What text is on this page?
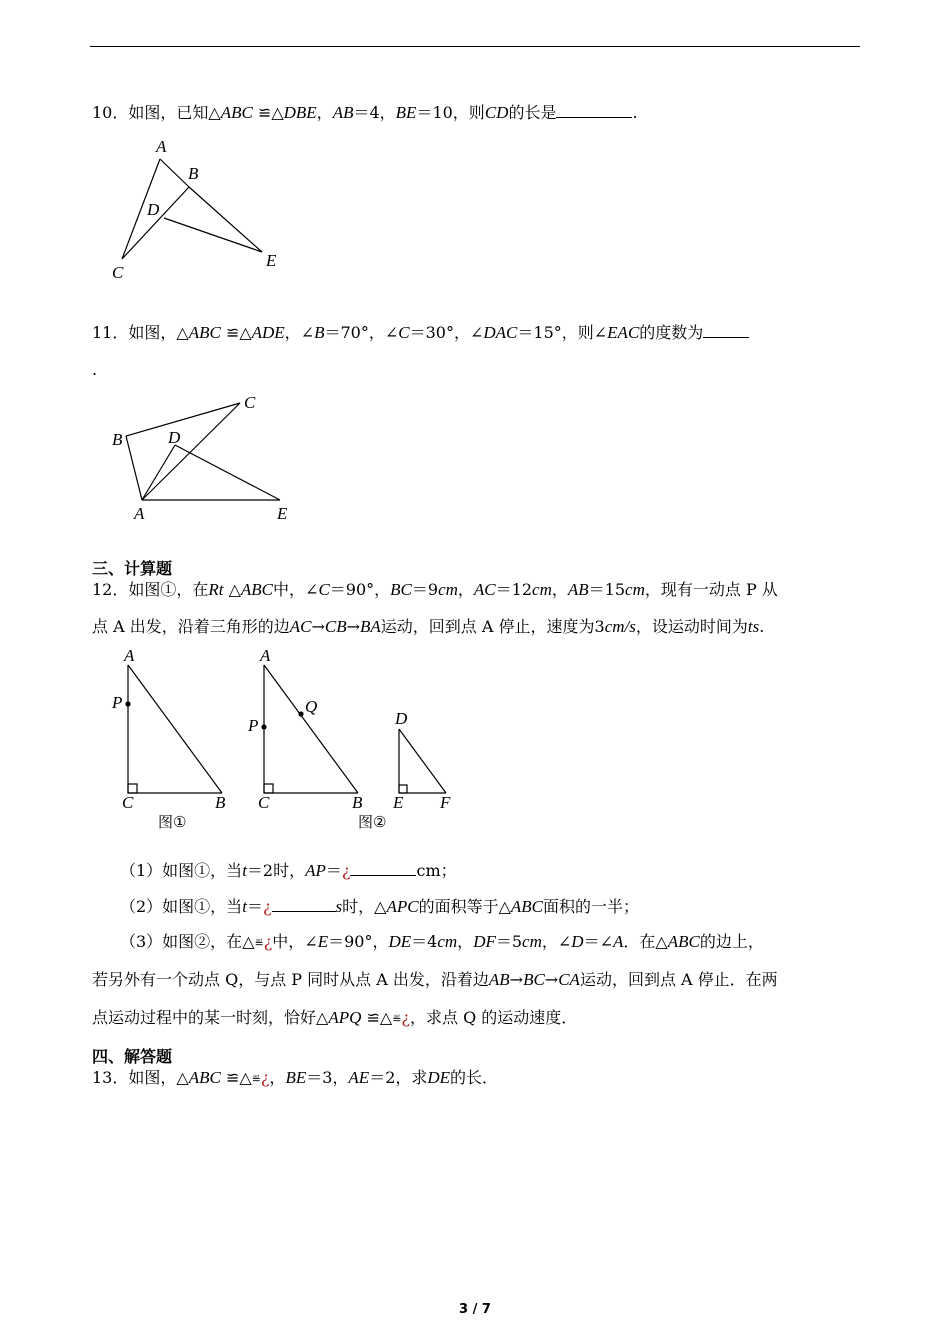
10．如图，已知△ABC ≌△DBE，AB＝4，BE＝10，则CD的长是	.
A
B
D
C
E
11．如图，△ABC ≌△ADE，∠B＝70°，∠C＝30°，∠DAC＝15°，则∠EAC的度数为
.
C
B	D
A	E
三、计算题
12．如图①，在Rt △ABC中，∠C＝90°，BC＝9cm，AC＝12cm，AB＝15cm，现有一动点 P 从
点 A 出发，沿着三角形的边AC→CB→BA运动，回到点 A 停止，速度为3cm/s，设运动时间为ts.
A
P
C	B
图①
A
Q
P
C	B
D
E F
图②
（1）如图①，当t＝2时，AP＝¿	cm；
（2）如图①，当t＝¿	s时，△APC的面积等于△ABC面积的一半；
（3）如图②，在△≝¿中，∠E＝90°，DE＝4cm，DF＝5cm，∠D＝∠A．在△ABC的边上，
若另外有一个动点 Q，与点 P 同时从点 A 出发，沿着边AB→BC→CA运动，回到点 A 停止．在两
点运动过程中的某一时刻，恰好△APQ ≌△≝¿，求点 Q 的运动速度．
四、解答题
13．如图，△ABC ≌△≝¿，BE＝3，AE＝2，求DE的长．
3 / 7
